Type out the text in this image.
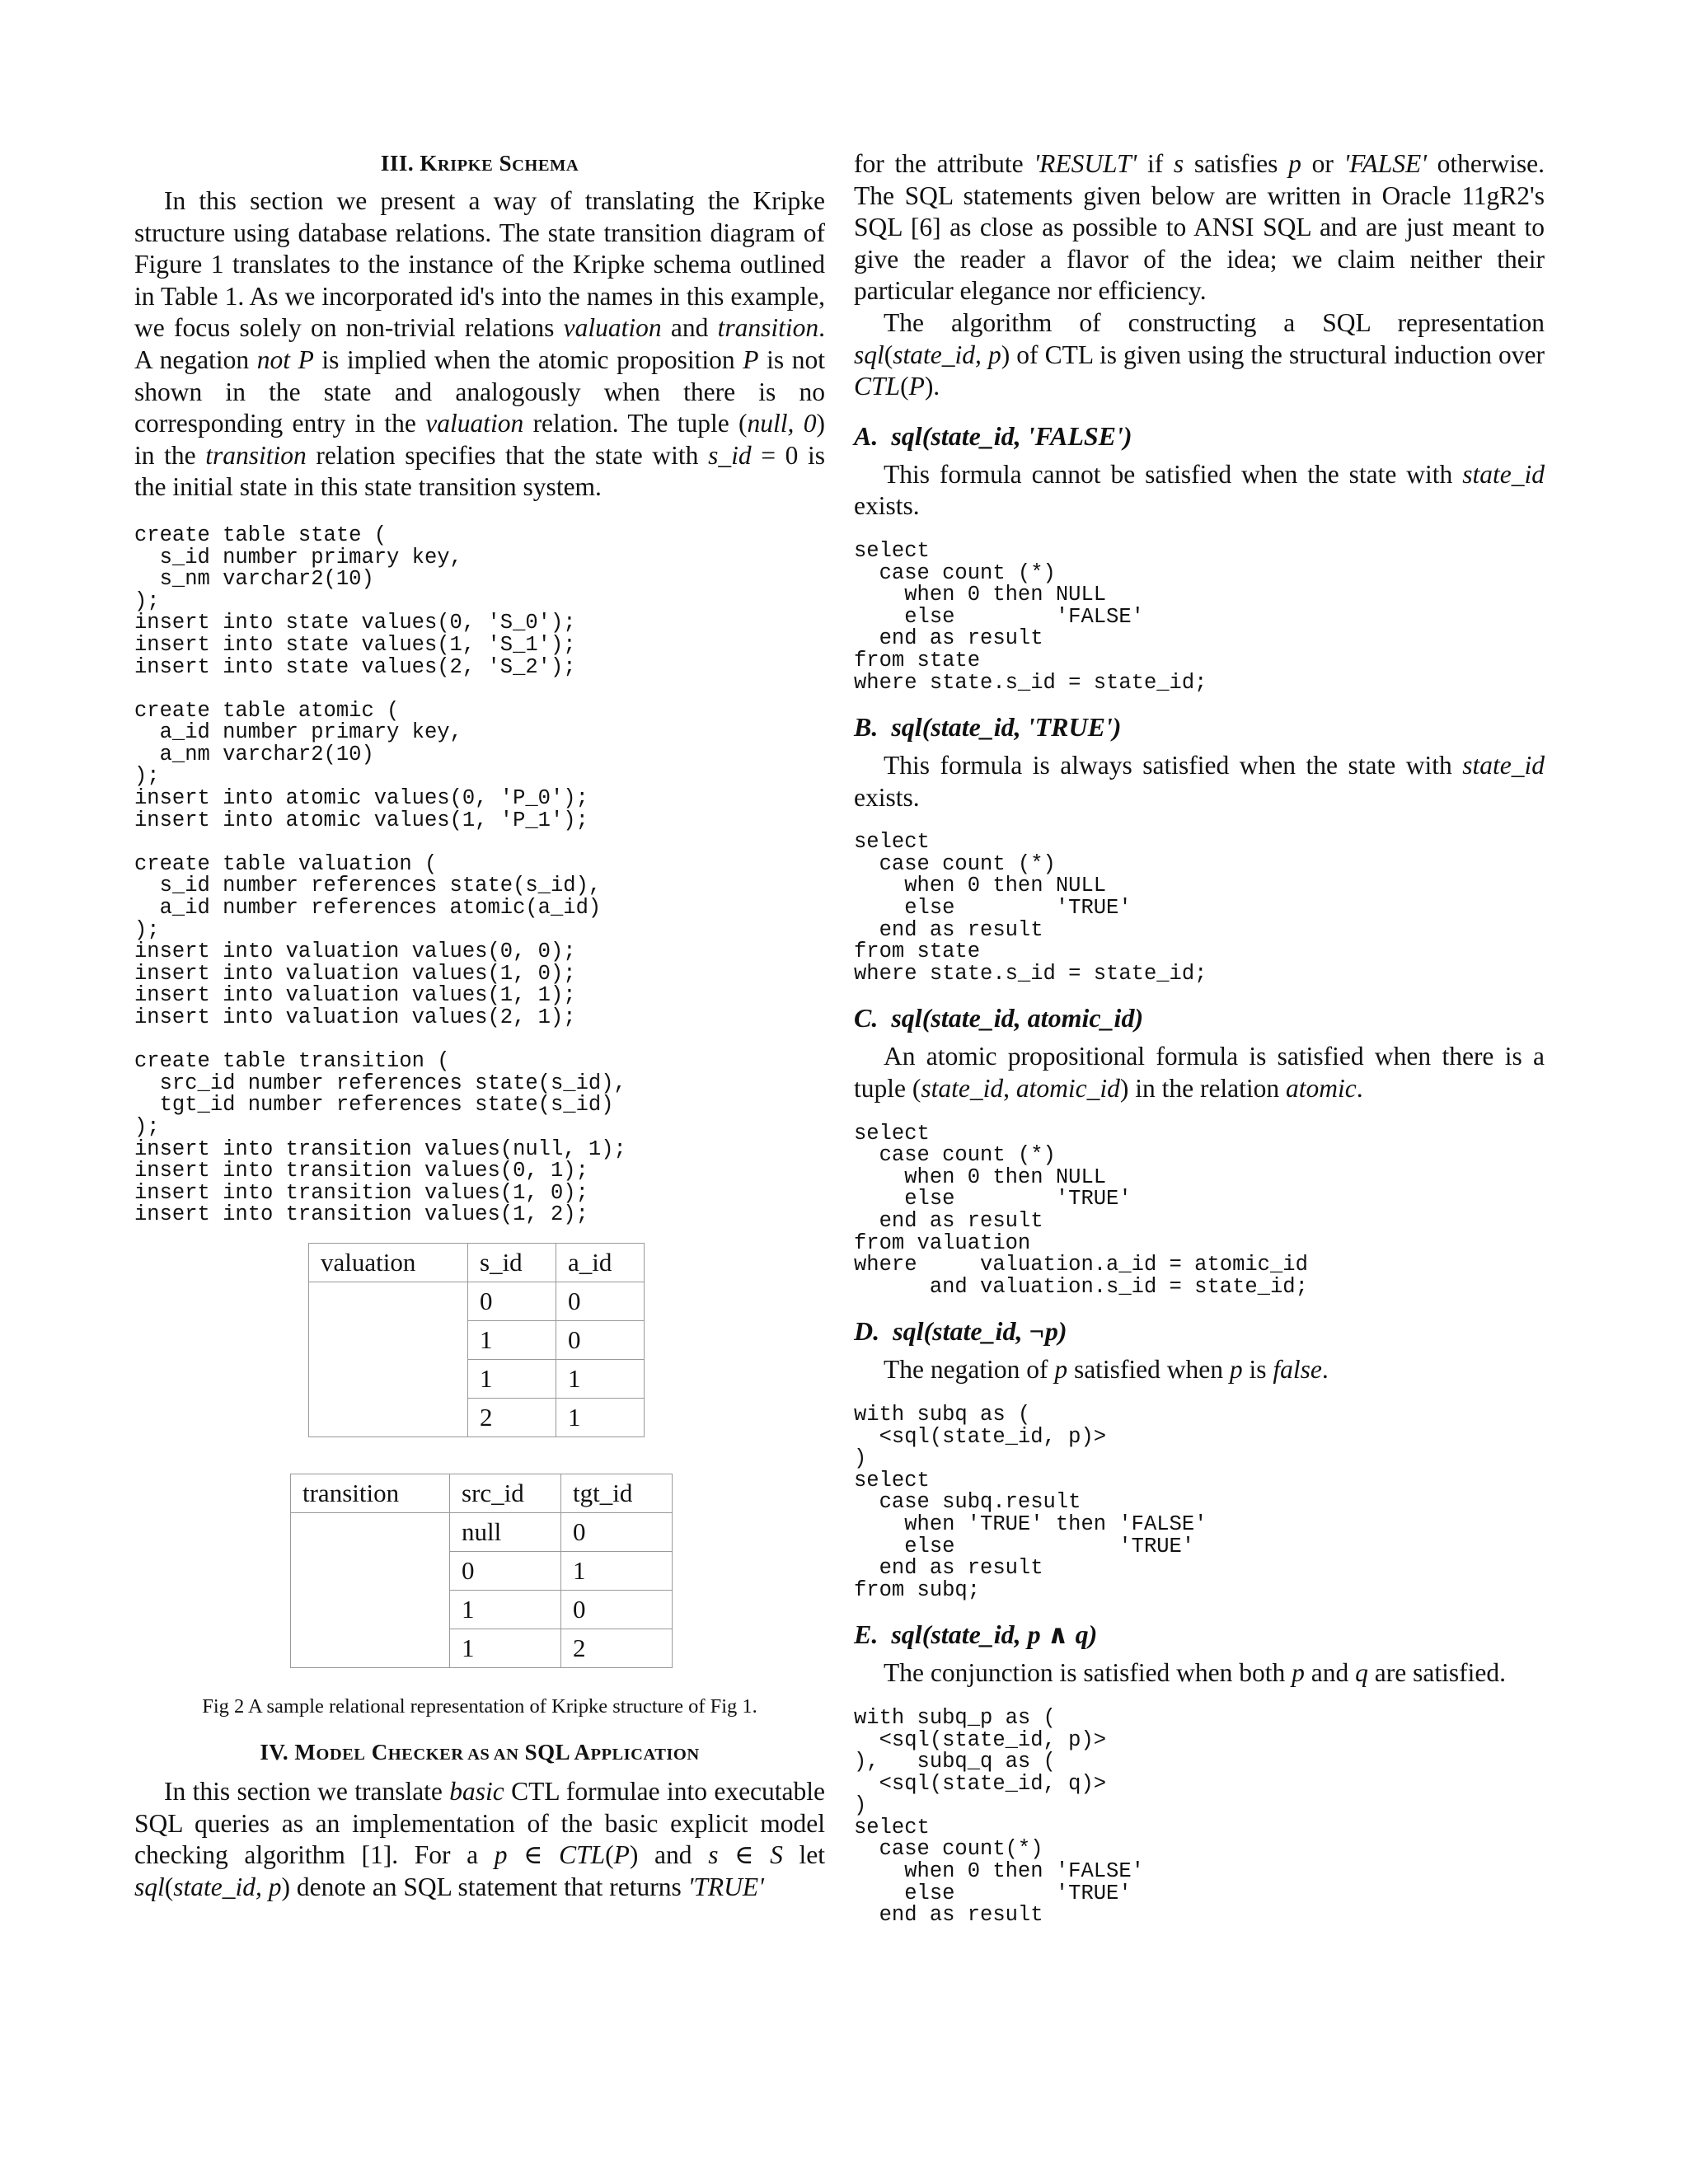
III. KRIPKE SCHEMA

In this section we present a way of translating the Kripke structure using database relations. The state transition diagram of Figure 1 translates to the instance of the Kripke schema outlined in Table 1. As we incorporated id's into the names in this example, we focus solely on non-trivial relations valuation and transition. A negation not P is implied when the atomic proposition P is not shown in the state and analogously when there is no corresponding entry in the valuation relation. The tuple (null, 0) in the transition relation specifies that the state with s_id = 0 is the initial state in this state transition system.

create table state (
s_id number primary key,
s_nm varchar2(10)
);
insert into state values(0, 'S_0');
insert into state values(1, 'S_1');
insert into state values(2, 'S_2');

create table atomic (
a_id number primary key,
a_nm varchar2(10)
);
insert into atomic values(0, 'P_0');
insert into atomic values(1, 'P_1');

create table valuation (
s_id number references state(s_id),
a_id number references atomic(a_id)
);
insert into valuation values(0, 0);
insert into valuation values(1, 0);
insert into valuation values(1, 1);
insert into valuation values(2, 1);

create table transition (
src_id number references state(s_id),
tgt_id number references state(s_id)
);
insert into transition values(null, 1);
insert into transition values(0, 1);
insert into transition values(1, 0);
insert into transition values(1, 2);
valuation	s_id	a_id
	0	0
	1	0
	1	1
	2	1
transition	src_id	tgt_id
	null	0
	0	1
	1	0
	1	2

Fig 2 A sample relational representation of Kripke structure of Fig 1.

IV. MODEL CHECKER AS AN SQL APPLICATION

In this section we translate basic CTL formulae into executable SQL queries as an implementation of the basic explicit model checking algorithm [1]. For a p ∈ CTL(P) and s ∈ S let sql(state_id, p) denote an SQL statement that returns 'TRUE'

for the attribute 'RESULT' if s satisfies p or 'FALSE' otherwise. The SQL statements given below are written in Oracle 11gR2's SQL [6] as close as possible to ANSI SQL and are just meant to give the reader a flavor of the idea; we claim neither their particular elegance nor efficiency.

The algorithm of constructing a SQL representation sql(state_id, p) of CTL is given using the structural induction over CTL(P).

A. sql(state_id, 'FALSE')

This formula cannot be satisfied when the state with state_id exists.

select
case count (*)
when 0 then NULL
else        'FALSE'
end as result
from state
where state.s_id = state_id;
B. sql(state_id, 'TRUE')

This formula is always satisfied when the state with state_id exists.

select
case count (*)
when 0 then NULL
else        'TRUE'
end as result
from state
where state.s_id = state_id;
C. sql(state_id, atomic_id)

An atomic propositional formula is satisfied when there is a tuple (state_id, atomic_id) in the relation atomic.

select
case count (*)
when 0 then NULL
else        'TRUE'
end as result
from valuation
where     valuation.a_id = atomic_id
and valuation.s_id = state_id;
D. sql(state_id, ¬p)

The negation of p satisfied when p is false.

with subq as (
<sql(state_id, p)>
)
select
case subq.result
when 'TRUE' then 'FALSE'
else             'TRUE'
end as result
from subq;
E. sql(state_id, p ∧ q)

The conjunction is satisfied when both p and q are satisfied.

with subq_p as (
<sql(state_id, p)>
),   subq_q as (
<sql(state_id, q)>
)
select
case count(*)
when 0 then 'FALSE'
else        'TRUE'
end as result
